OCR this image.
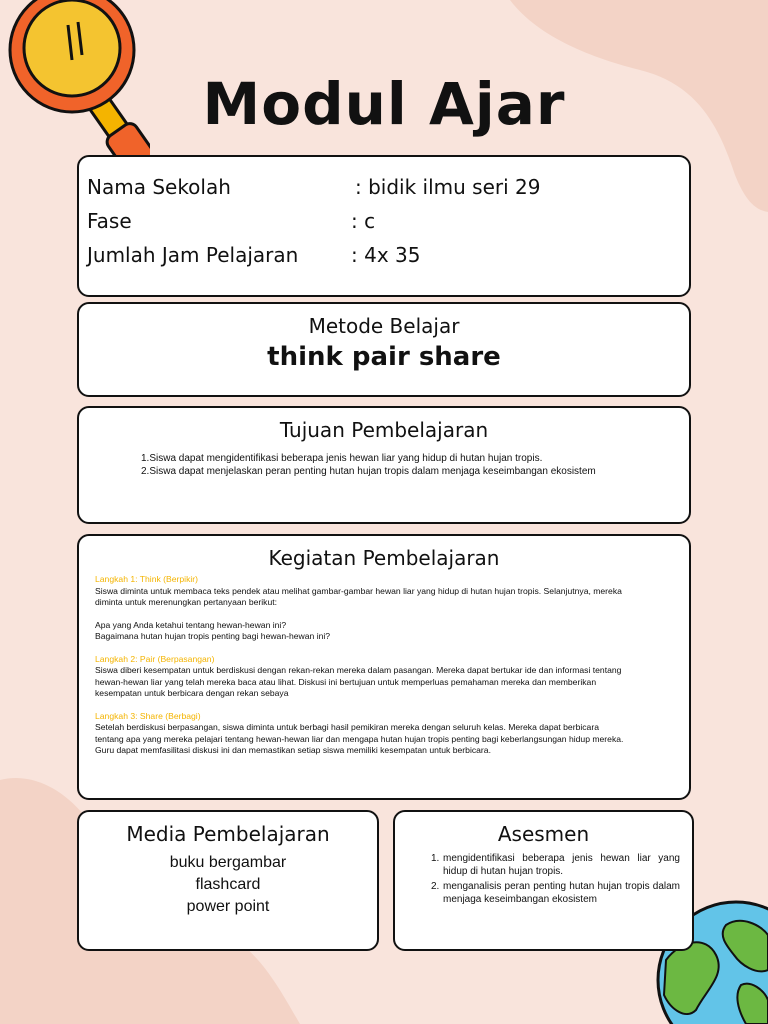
Modul Ajar
Nama Sekolah	: bidik ilmu seri 29
Fase	: c
Jumlah Jam Pelajaran	: 4x 35
Metode Belajar
think pair share
Tujuan Pembelajaran
1.Siswa dapat mengidentifikasi beberapa jenis hewan liar yang hidup di hutan hujan tropis.
2.Siswa dapat menjelaskan peran penting hutan hujan tropis dalam menjaga keseimbangan ekosistem
Kegiatan Pembelajaran
Langkah 1: Think (Berpikir)
Siswa diminta untuk membaca teks pendek atau melihat gambar-gambar hewan liar yang hidup di hutan hujan tropis. Selanjutnya, mereka
diminta untuk merenungkan pertanyaan berikut:
Apa yang Anda ketahui tentang hewan-hewan ini?
Bagaimana hutan hujan tropis penting bagi hewan-hewan ini?
Langkah 2: Pair (Berpasangan)
Siswa diberi kesempatan untuk berdiskusi dengan rekan-rekan mereka dalam pasangan. Mereka dapat bertukar ide dan informasi tentang
hewan-hewan liar yang telah mereka baca atau lihat. Diskusi ini bertujuan untuk memperluas pemahaman mereka dan memberikan
kesempatan untuk berbicara dengan rekan sebaya
Langkah 3: Share (Berbagi)
Setelah berdiskusi berpasangan, siswa diminta untuk berbagi hasil pemikiran mereka dengan seluruh kelas. Mereka dapat berbicara
tentang apa yang mereka pelajari tentang hewan-hewan liar dan mengapa hutan hujan tropis penting bagi keberlangsungan hidup mereka.
Guru dapat memfasilitasi diskusi ini dan memastikan setiap siswa memiliki kesempatan untuk berbicara.
Media Pembelajaran
buku bergambar
flashcard
power point
Asesmen
1. mengidentifikasi beberapa jenis hewan liar yang hidup di hutan hujan tropis.
2. menganalisis peran penting hutan hujan tropis dalam menjaga keseimbangan ekosistem
